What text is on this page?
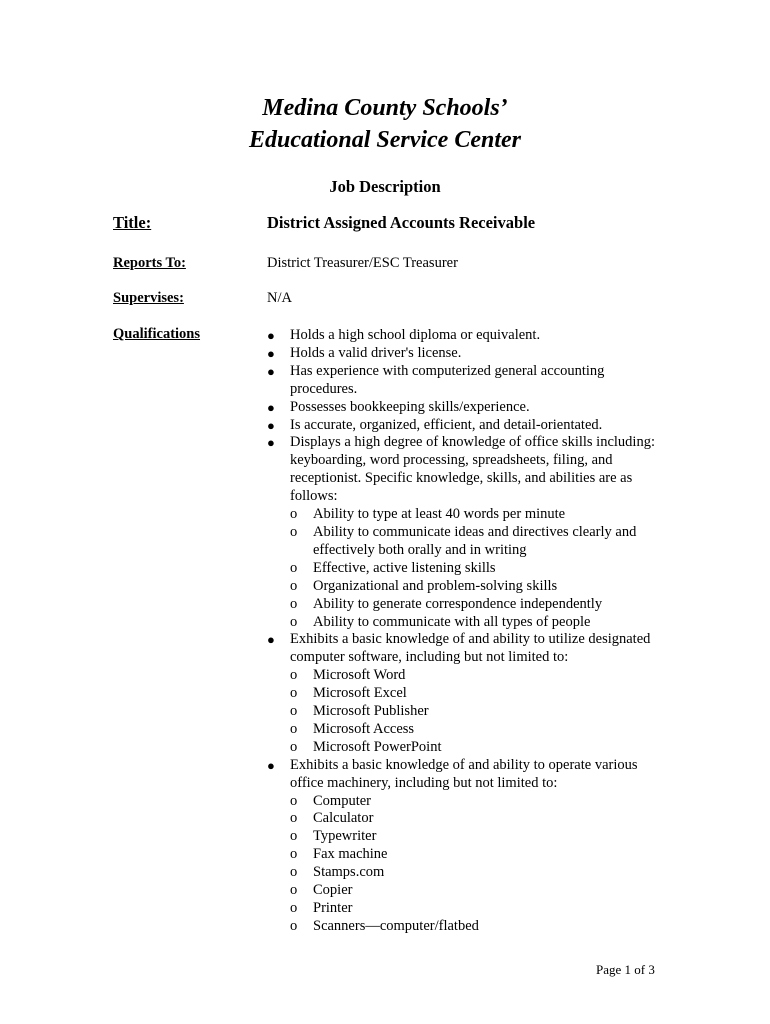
Medina County Schools’
Educational Service Center
Job Description
Title:	District Assigned Accounts Receivable
Reports To:	District Treasurer/ESC Treasurer
Supervises:	N/A
Qualifications	● Holds a high school diploma or equivalent.
● Holds a valid driver's license.
● Has experience with computerized general accounting procedures.
● Possesses bookkeeping skills/experience.
● Is accurate, organized, efficient, and detail-orientated.
● Displays a high degree of knowledge of office skills including: keyboarding, word processing, spreadsheets, filing, and receptionist. Specific knowledge, skills, and abilities are as follows:
o Ability to type at least 40 words per minute
o Ability to communicate ideas and directives clearly and effectively both orally and in writing
o Effective, active listening skills
o Organizational and problem-solving skills
o Ability to generate correspondence independently
o Ability to communicate with all types of people
● Exhibits a basic knowledge of and ability to utilize designated computer software, including but not limited to:
o Microsoft Word
o Microsoft Excel
o Microsoft Publisher
o Microsoft Access
o Microsoft PowerPoint
● Exhibits a basic knowledge of and ability to operate various office machinery, including but not limited to:
o Computer
o Calculator
o Typewriter
o Fax machine
o Stamps.com
o Copier
o Printer
o Scanners—computer/flatbed
Page 1 of 3
